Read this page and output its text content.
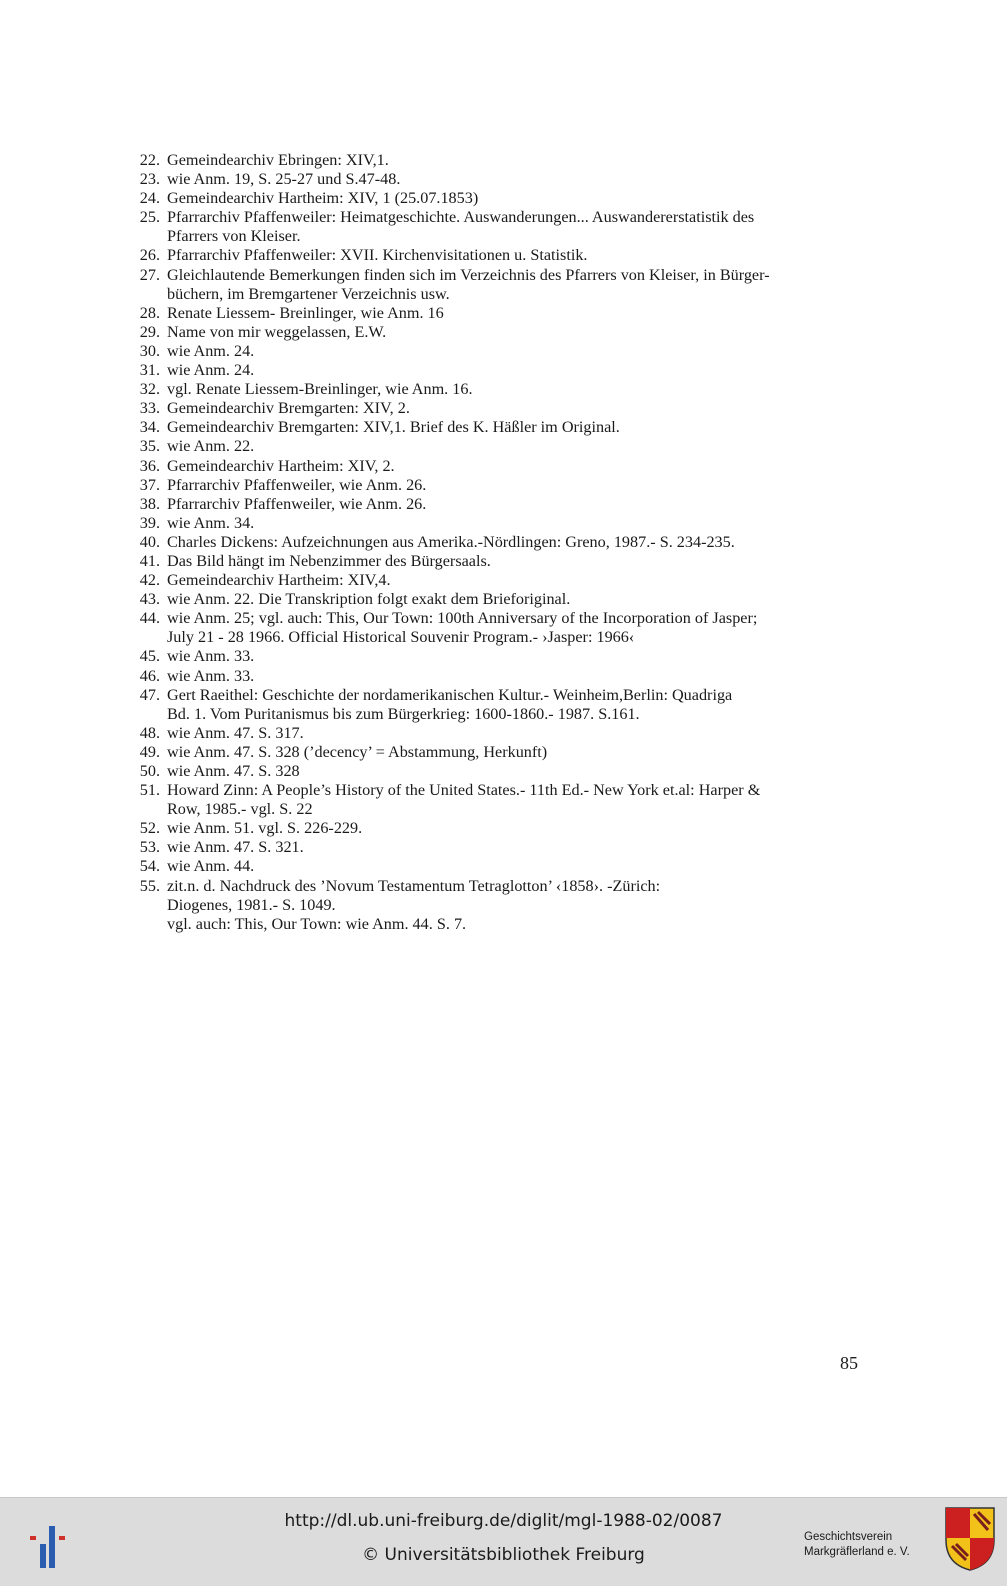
22. Gemeindearchiv Ebringen: XIV,1.
23. wie Anm. 19, S. 25-27 und S.47-48.
24. Gemeindearchiv Hartheim: XIV, 1 (25.07.1853)
25. Pfarrarchiv Pfaffenweiler: Heimatgeschichte. Auswanderungen... Auswandererstatistik des
Pfarrers von Kleiser.
26. Pfarrarchiv Pfaffenweiler: XVII. Kirchenvisitationen u. Statistik.
27. Gleichlautende Bemerkungen finden sich im Verzeichnis des Pfarrers von Kleiser, in Bürger-
büchern, im Bremgartener Verzeichnis usw.
28. Renate Liessem- Breinlinger, wie Anm. 16
29. Name von mir weggelassen, E.W.
30. wie Anm. 24.
31. wie Anm. 24.
32. vgl. Renate Liessem-Breinlinger, wie Anm. 16.
33. Gemeindearchiv Bremgarten: XIV, 2.
34. Gemeindearchiv Bremgarten: XIV,1. Brief des K. Häßler im Original.
35. wie Anm. 22.
36. Gemeindearchiv Hartheim: XIV, 2.
37. Pfarrarchiv Pfaffenweiler, wie Anm. 26.
38. Pfarrarchiv Pfaffenweiler, wie Anm. 26.
39. wie Anm. 34.
40. Charles Dickens: Aufzeichnungen aus Amerika.-Nördlingen: Greno, 1987.- S. 234-235.
41. Das Bild hängt im Nebenzimmer des Bürgersaals.
42. Gemeindearchiv Hartheim: XIV,4.
43. wie Anm. 22. Die Transkription folgt exakt dem Brieforiginal.
44. wie Anm. 25; vgl. auch: This, Our Town: 100th Anniversary of the Incorporation of Jasper;
July 21 - 28 1966. Official Historical Souvenir Program.- ›Jasper: 1966‹
45. wie Anm. 33.
46. wie Anm. 33.
47. Gert Raeithel: Geschichte der nordamerikanischen Kultur.- Weinheim,Berlin: Quadriga
Bd. 1. Vom Puritanismus bis zum Bürgerkrieg: 1600-1860.- 1987. S.161.
48. wie Anm. 47. S. 317.
49. wie Anm. 47. S. 328 (’decency’ = Abstammung, Herkunft)
50. wie Anm. 47. S. 328
51. Howard Zinn: A People’s History of the United States.- 11th Ed.- New York et.al: Harper &
Row, 1985.- vgl. S. 22
52. wie Anm. 51. vgl. S. 226-229.
53. wie Anm. 47. S. 321.
54. wie Anm. 44.
55. zit.n. d. Nachdruck des ’Novum Testamentum Tetraglotton’ ‹1858›. -Zürich:
Diogenes, 1981.- S. 1049.
vgl. auch: This, Our Town: wie Anm. 44. S. 7.
85
http://dl.ub.uni-freiburg.de/diglit/mgl-1988-02/0087
© Universitätsbibliothek Freiburg
Geschichtsverein
Markgräflerland e. V.
